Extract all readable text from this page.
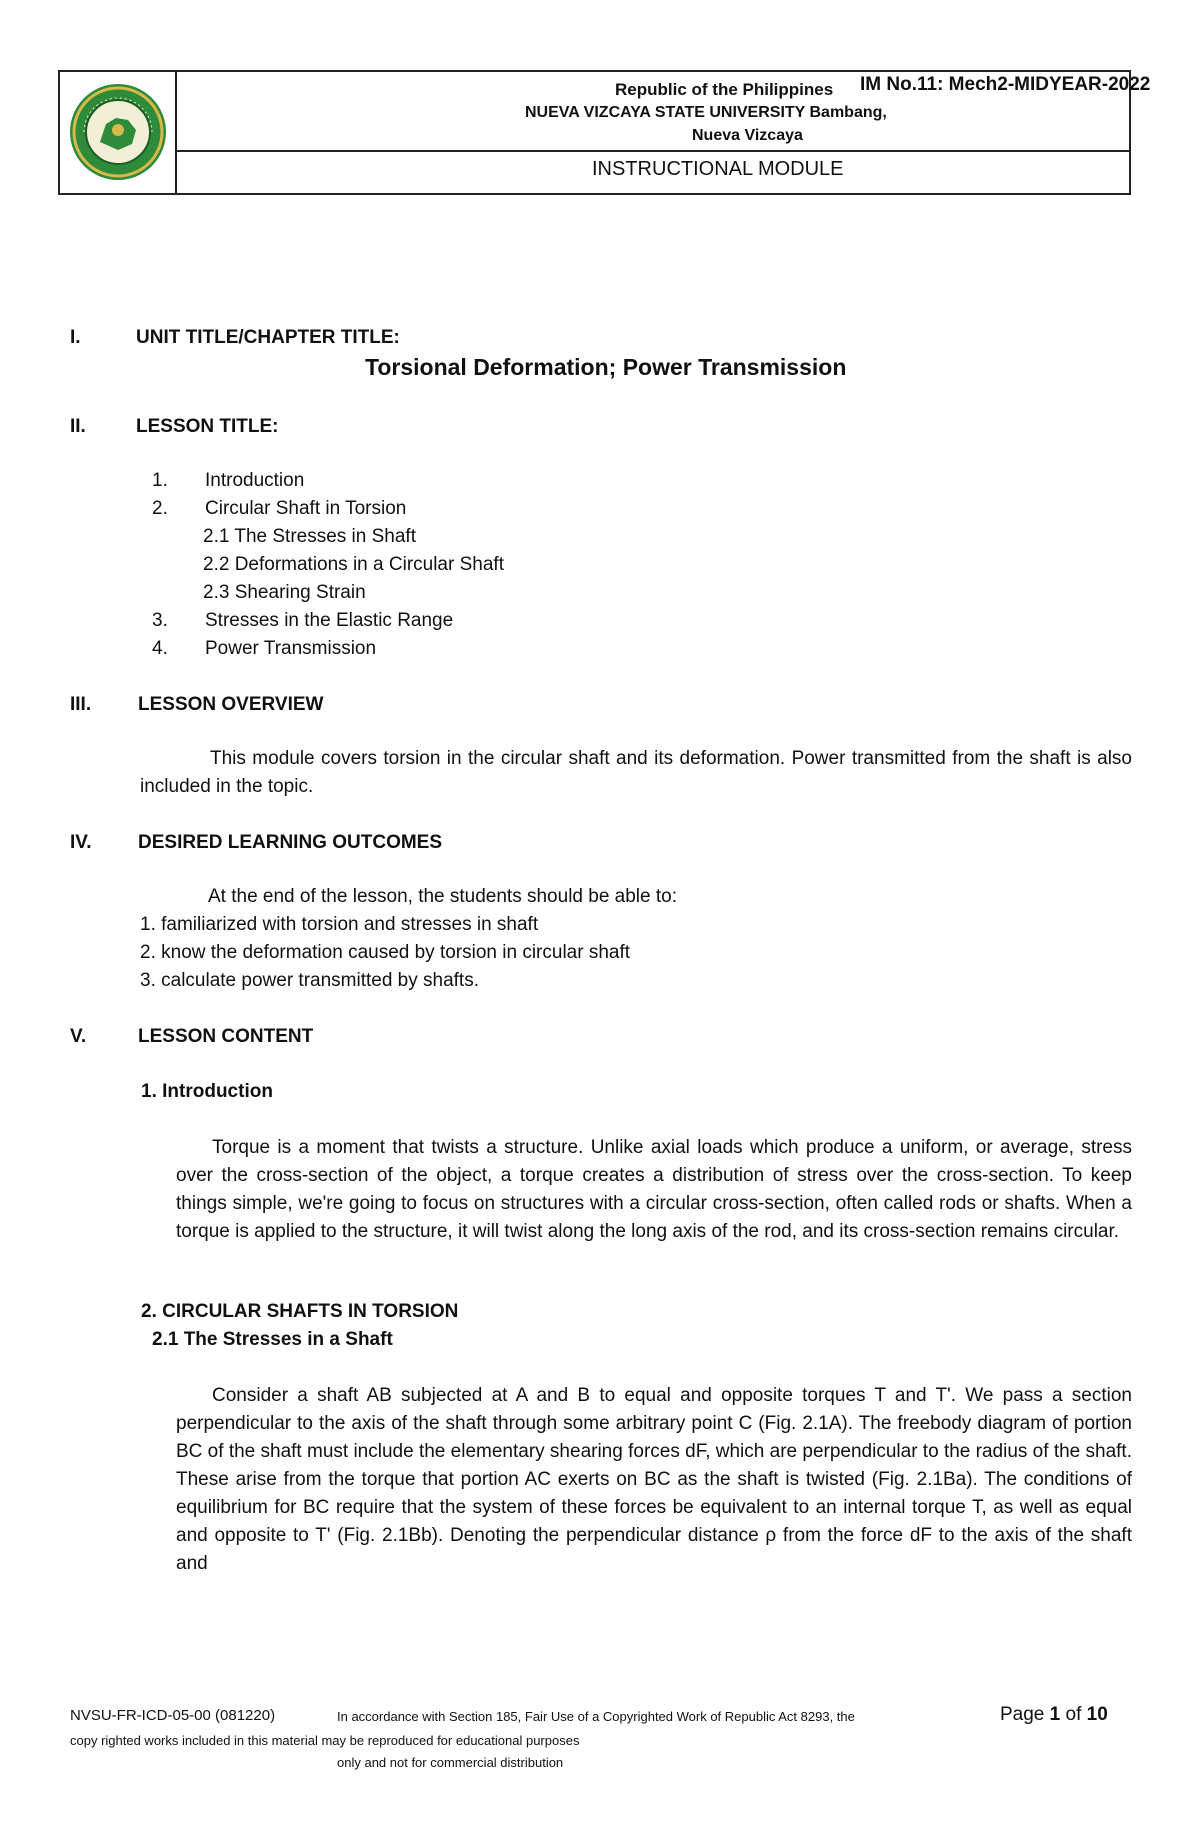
Republic of the Philippines IM No.11: Mech2-MIDYEAR-2022
NUEVA VIZCAYA STATE UNIVERSITY Bambang,
Nueva Vizcaya
INSTRUCTIONAL MODULE
I.	UNIT TITLE/CHAPTER TITLE:
Torsional Deformation; Power Transmission
II.	LESSON TITLE:
1. Introduction
2. Circular Shaft in Torsion
2.1 The Stresses in Shaft
2.2 Deformations in a Circular Shaft
2.3 Shearing Strain
3. Stresses in the Elastic Range
4. Power Transmission
III. LESSON OVERVIEW
This module covers torsion in the circular shaft and its deformation. Power transmitted from the shaft is also included in the topic.
IV. DESIRED LEARNING OUTCOMES
At the end of the lesson, the students should be able to:
1. familiarized with torsion and stresses in shaft
2. know the deformation caused by torsion in circular shaft
3. calculate power transmitted by shafts.
V.	LESSON CONTENT
1. Introduction
Torque is a moment that twists a structure. Unlike axial loads which produce a uniform, or average, stress over the cross-section of the object, a torque creates a distribution of stress over the cross-section. To keep things simple, we're going to focus on structures with a circular cross-section, often called rods or shafts. When a torque is applied to the structure, it will twist along the long axis of the rod, and its cross-section remains circular.
2. CIRCULAR SHAFTS IN TORSION
2.1 The Stresses in a Shaft
Consider a shaft AB subjected at A and B to equal and opposite torques T and T'. We pass a section perpendicular to the axis of the shaft through some arbitrary point C (Fig. 2.1A). The freebody diagram of portion BC of the shaft must include the elementary shearing forces dF, which are perpendicular to the radius of the shaft. These arise from the torque that portion AC exerts on BC as the shaft is twisted (Fig. 2.1Ba). The conditions of equilibrium for BC require that the system of these forces be equivalent to an internal torque T, as well as equal and opposite to T' (Fig. 2.1Bb). Denoting the perpendicular distance ρ from the force dF to the axis of the shaft and
NVSU-FR-ICD-05-00 (081220)	In accordance with Section 185, Fair Use of a Copyrighted Work of Republic Act 8293, the
copy righted works included in this material may be reproduced for educational purposes
only and not for commercial distribution
Page 1 of 10
